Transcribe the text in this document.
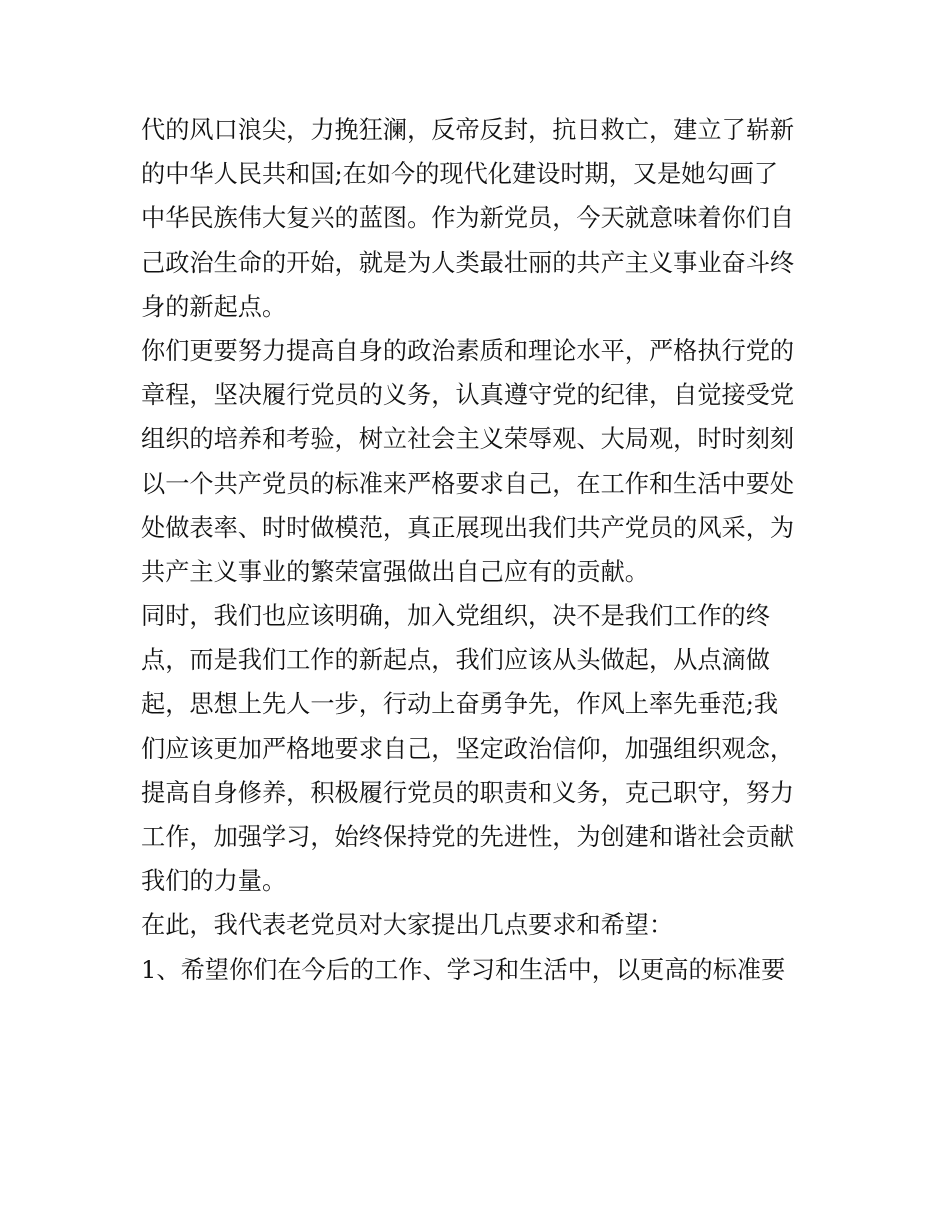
代的风口浪尖，力挽狂澜，反帝反封，抗日救亡，建立了崭新
的中华人民共和国;在如今的现代化建设时期，又是她勾画了
中华民族伟大复兴的蓝图。作为新党员，今天就意味着你们自
己政治生命的开始，就是为人类最壮丽的共产主义事业奋斗终
身的新起点。
你们更要努力提高自身的政治素质和理论水平，严格执行党的
章程，坚决履行党员的义务，认真遵守党的纪律，自觉接受党
组织的培养和考验，树立社会主义荣辱观、大局观，时时刻刻
以一个共产党员的标准来严格要求自己，在工作和生活中要处
处做表率、时时做模范，真正展现出我们共产党员的风采，为
共产主义事业的繁荣富强做出自己应有的贡献。
同时，我们也应该明确，加入党组织，决不是我们工作的终
点，而是我们工作的新起点，我们应该从头做起，从点滴做
起，思想上先人一步，行动上奋勇争先，作风上率先垂范;我
们应该更加严格地要求自己，坚定政治信仰，加强组织观念，
提高自身修养，积极履行党员的职责和义务，克己职守，努力
工作，加强学习，始终保持党的先进性，为创建和谐社会贡献
我们的力量。
在此，我代表老党员对大家提出几点要求和希望：
1、希望你们在今后的工作、学习和生活中，以更高的标准要
